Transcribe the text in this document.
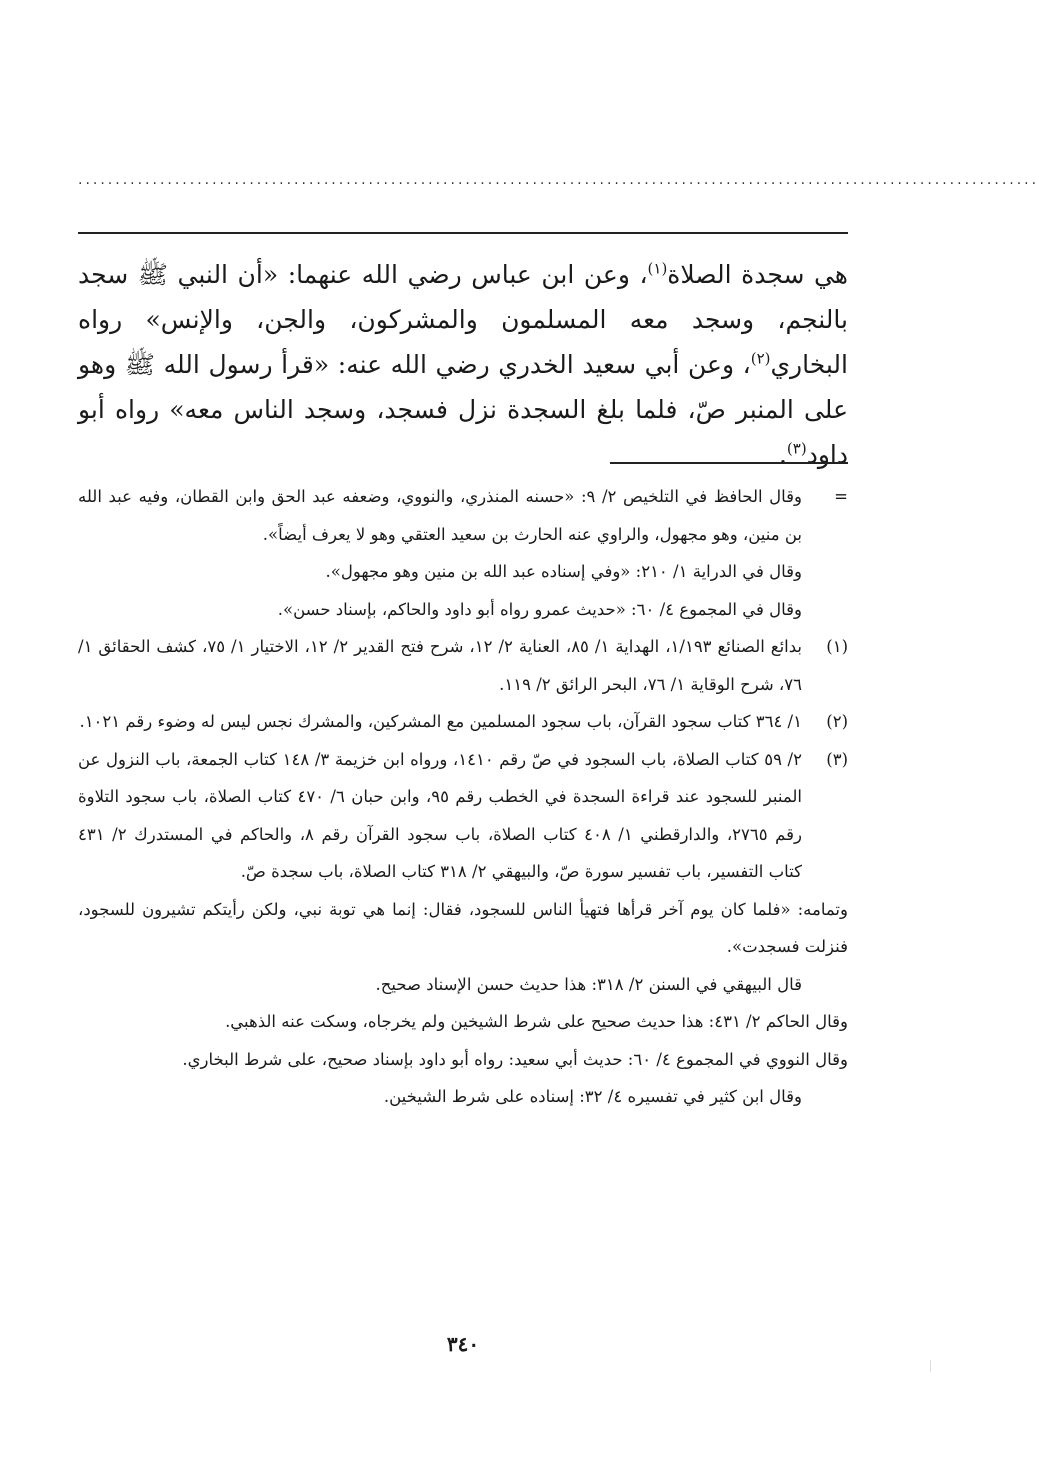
·································································································································

هي سجدة الصلاة$^{(١)}$، وعن ابن عباس رضي الله عنهما: «أن النبي ﷺ سجد بالنجم، وسجد معه المسلمون والمشركون، والجن، والإنس» رواه البخاري$^{(٢)}$، وعن أبي سعيد الخدري رضي الله عنه: «قرأ رسول الله ﷺ وهو على المنبر صّ، فلما بلغ السجدة نزل فسجد، وسجد الناس معه» رواه أبو داود$^{(٣)}$.

=

وقال الحافظ في التلخيص ٢/ ٩: «حسنه المنذري، والنووي، وضعفه عبد الحق وابن القطان، وفيه عبد الله بن منين، وهو مجهول، والراوي عنه الحارث بن سعيد العتقي وهو لا يعرف أيضاً».

وقال في الدراية ١/ ٢١٠: «وفي إسناده عبد الله بن منين وهو مجهول».

وقال في المجموع ٤/ ٦٠: «حديث عمرو رواه أبو داود والحاكم، بإسناد حسن».

(١)

بدائع الصنائع ١/١٩٣، الهداية ١/ ٨٥، العناية ٢/ ١٢، شرح فتح القدير ٢/ ١٢، الاختيار ١/ ٧٥، كشف الحقائق ١/ ٧٦، شرح الوقاية ١/ ٧٦، البحر الرائق ٢/ ١١٩.

(٢)

١/ ٣٦٤ كتاب سجود القرآن، باب سجود المسلمين مع المشركين، والمشرك نجس ليس له وضوء رقم ١٠٢١.

(٣)

٢/ ٥٩ كتاب الصلاة، باب السجود في صّ رقم ١٤١٠، ورواه ابن خزيمة ٣/ ١٤٨ كتاب الجمعة، باب النزول عن المنبر للسجود عند قراءة السجدة في الخطب رقم ٩٥، وابن حبان ٦/ ٤٧٠ كتاب الصلاة، باب سجود التلاوة رقم ٢٧٦٥، والدارقطني ١/ ٤٠٨ كتاب الصلاة، باب سجود القرآن رقم ٨، والحاكم في المستدرك ٢/ ٤٣١ كتاب التفسير، باب تفسير سورة صّ، والبيهقي ٢/ ٣١٨ كتاب الصلاة، باب سجدة صّ.

وتمامه: «فلما كان يوم آخر قرأها فتهيأ الناس للسجود، فقال: إنما هي توبة نبي، ولكن رأيتكم تشيرون للسجود، فنزلت فسجدت».

قال البيهقي في السنن ٢/ ٣١٨: هذا حديث حسن الإسناد صحيح.

وقال الحاكم ٢/ ٤٣١: هذا حديث صحيح على شرط الشيخين ولم يخرجاه، وسكت عنه الذهبي.

وقال النووي في المجموع ٤/ ٦٠: حديث أبي سعيد: رواه أبو داود بإسناد صحيح، على شرط البخاري.

وقال ابن كثير في تفسيره ٤/ ٣٢: إسناده على شرط الشيخين.

٣٤٠
